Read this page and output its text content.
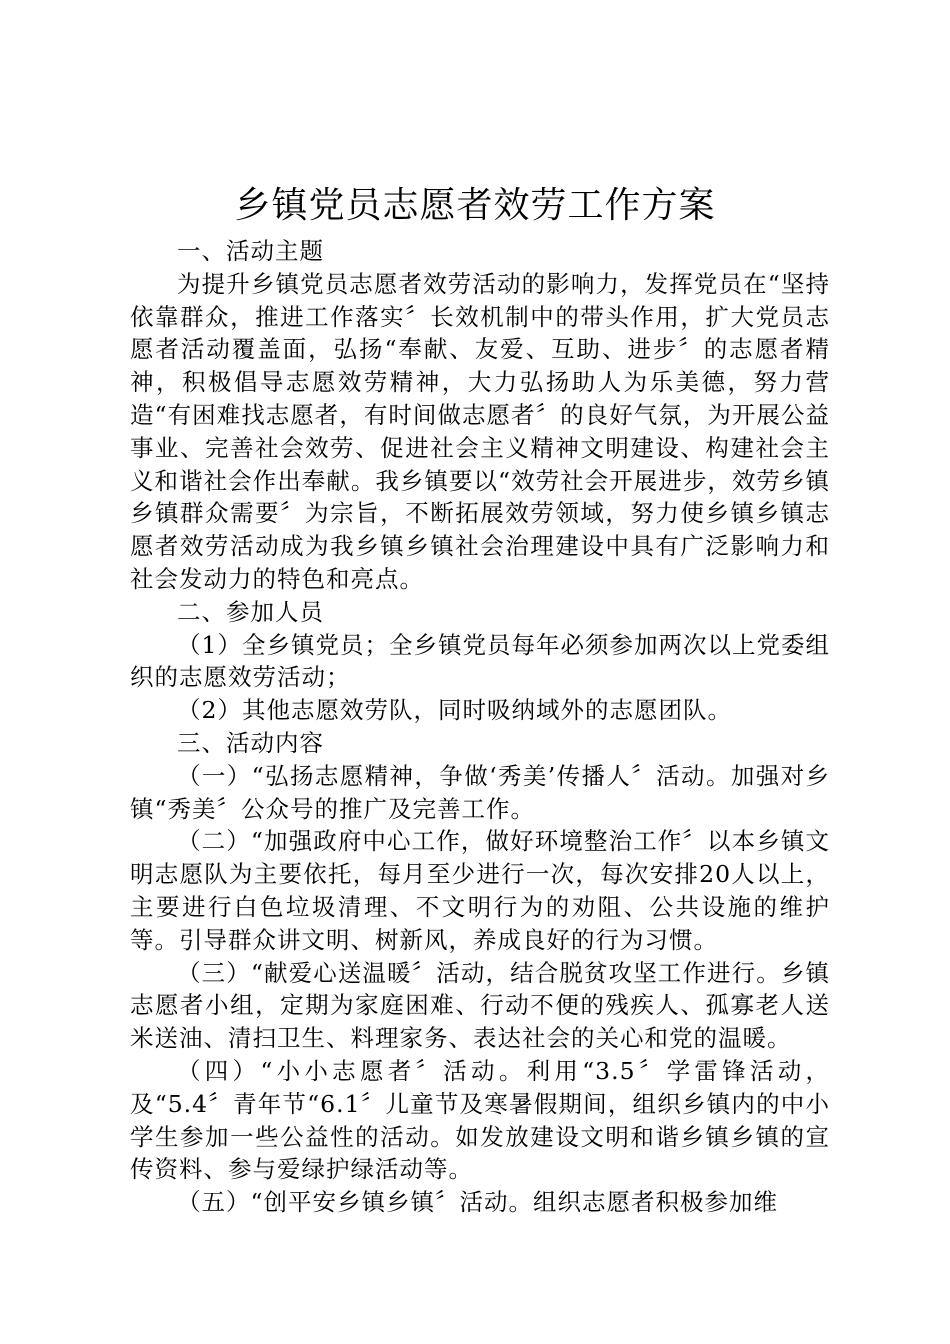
乡镇党员志愿者效劳工作方案

一、活动主题

为提升乡镇党员志愿者效劳活动的影响力，发挥党员在“坚持依靠群众，推进工作落实〞长效机制中的带头作用，扩大党员志愿者活动覆盖面，弘扬“奉献、友爱、互助、进步〞的志愿者精神，积极倡导志愿效劳精神，大力弘扬助人为乐美德，努力营造“有困难找志愿者，有时间做志愿者〞的良好气氛，为开展公益事业、完善社会效劳、促进社会主义精神文明建设、构建社会主义和谐社会作出奉献。我乡镇要以“效劳社会开展进步，效劳乡镇乡镇群众需要〞为宗旨，不断拓展效劳领域，努力使乡镇乡镇志愿者效劳活动成为我乡镇乡镇社会治理建设中具有广泛影响力和社会发动力的特色和亮点。

二、参加人员

（1）全乡镇党员；全乡镇党员每年必须参加两次以上党委组织的志愿效劳活动；

（2）其他志愿效劳队，同时吸纳域外的志愿团队。

三、活动内容

（一）“弘扬志愿精神，争做‘秀美’传播人〞活动。加强对乡镇“秀美〞公众号的推广及完善工作。

（二）“加强政府中心工作，做好环境整治工作〞以本乡镇文明志愿队为主要依托，每月至少进行一次，每次安排20人以上，主要进行白色垃圾清理、不文明行为的劝阻、公共设施的维护等。引导群众讲文明、树新风，养成良好的行为习惯。

（三）“献爱心送温暖〞活动，结合脱贫攻坚工作进行。乡镇志愿者小组，定期为家庭困难、行动不便的残疾人、孤寡老人送米送油、清扫卫生、料理家务、表达社会的关心和党的温暖。

（四）“小小志愿者〞活动。利用“3.5〞学雷锋活动，及“5.4〞青年节“6.1〞儿童节及寒暑假期间，组织乡镇内的中小学生参加一些公益性的活动。如发放建设文明和谐乡镇乡镇的宣传资料、参与爱绿护绿活动等。

（五）“创平安乡镇乡镇〞活动。组织志愿者积极参加维
